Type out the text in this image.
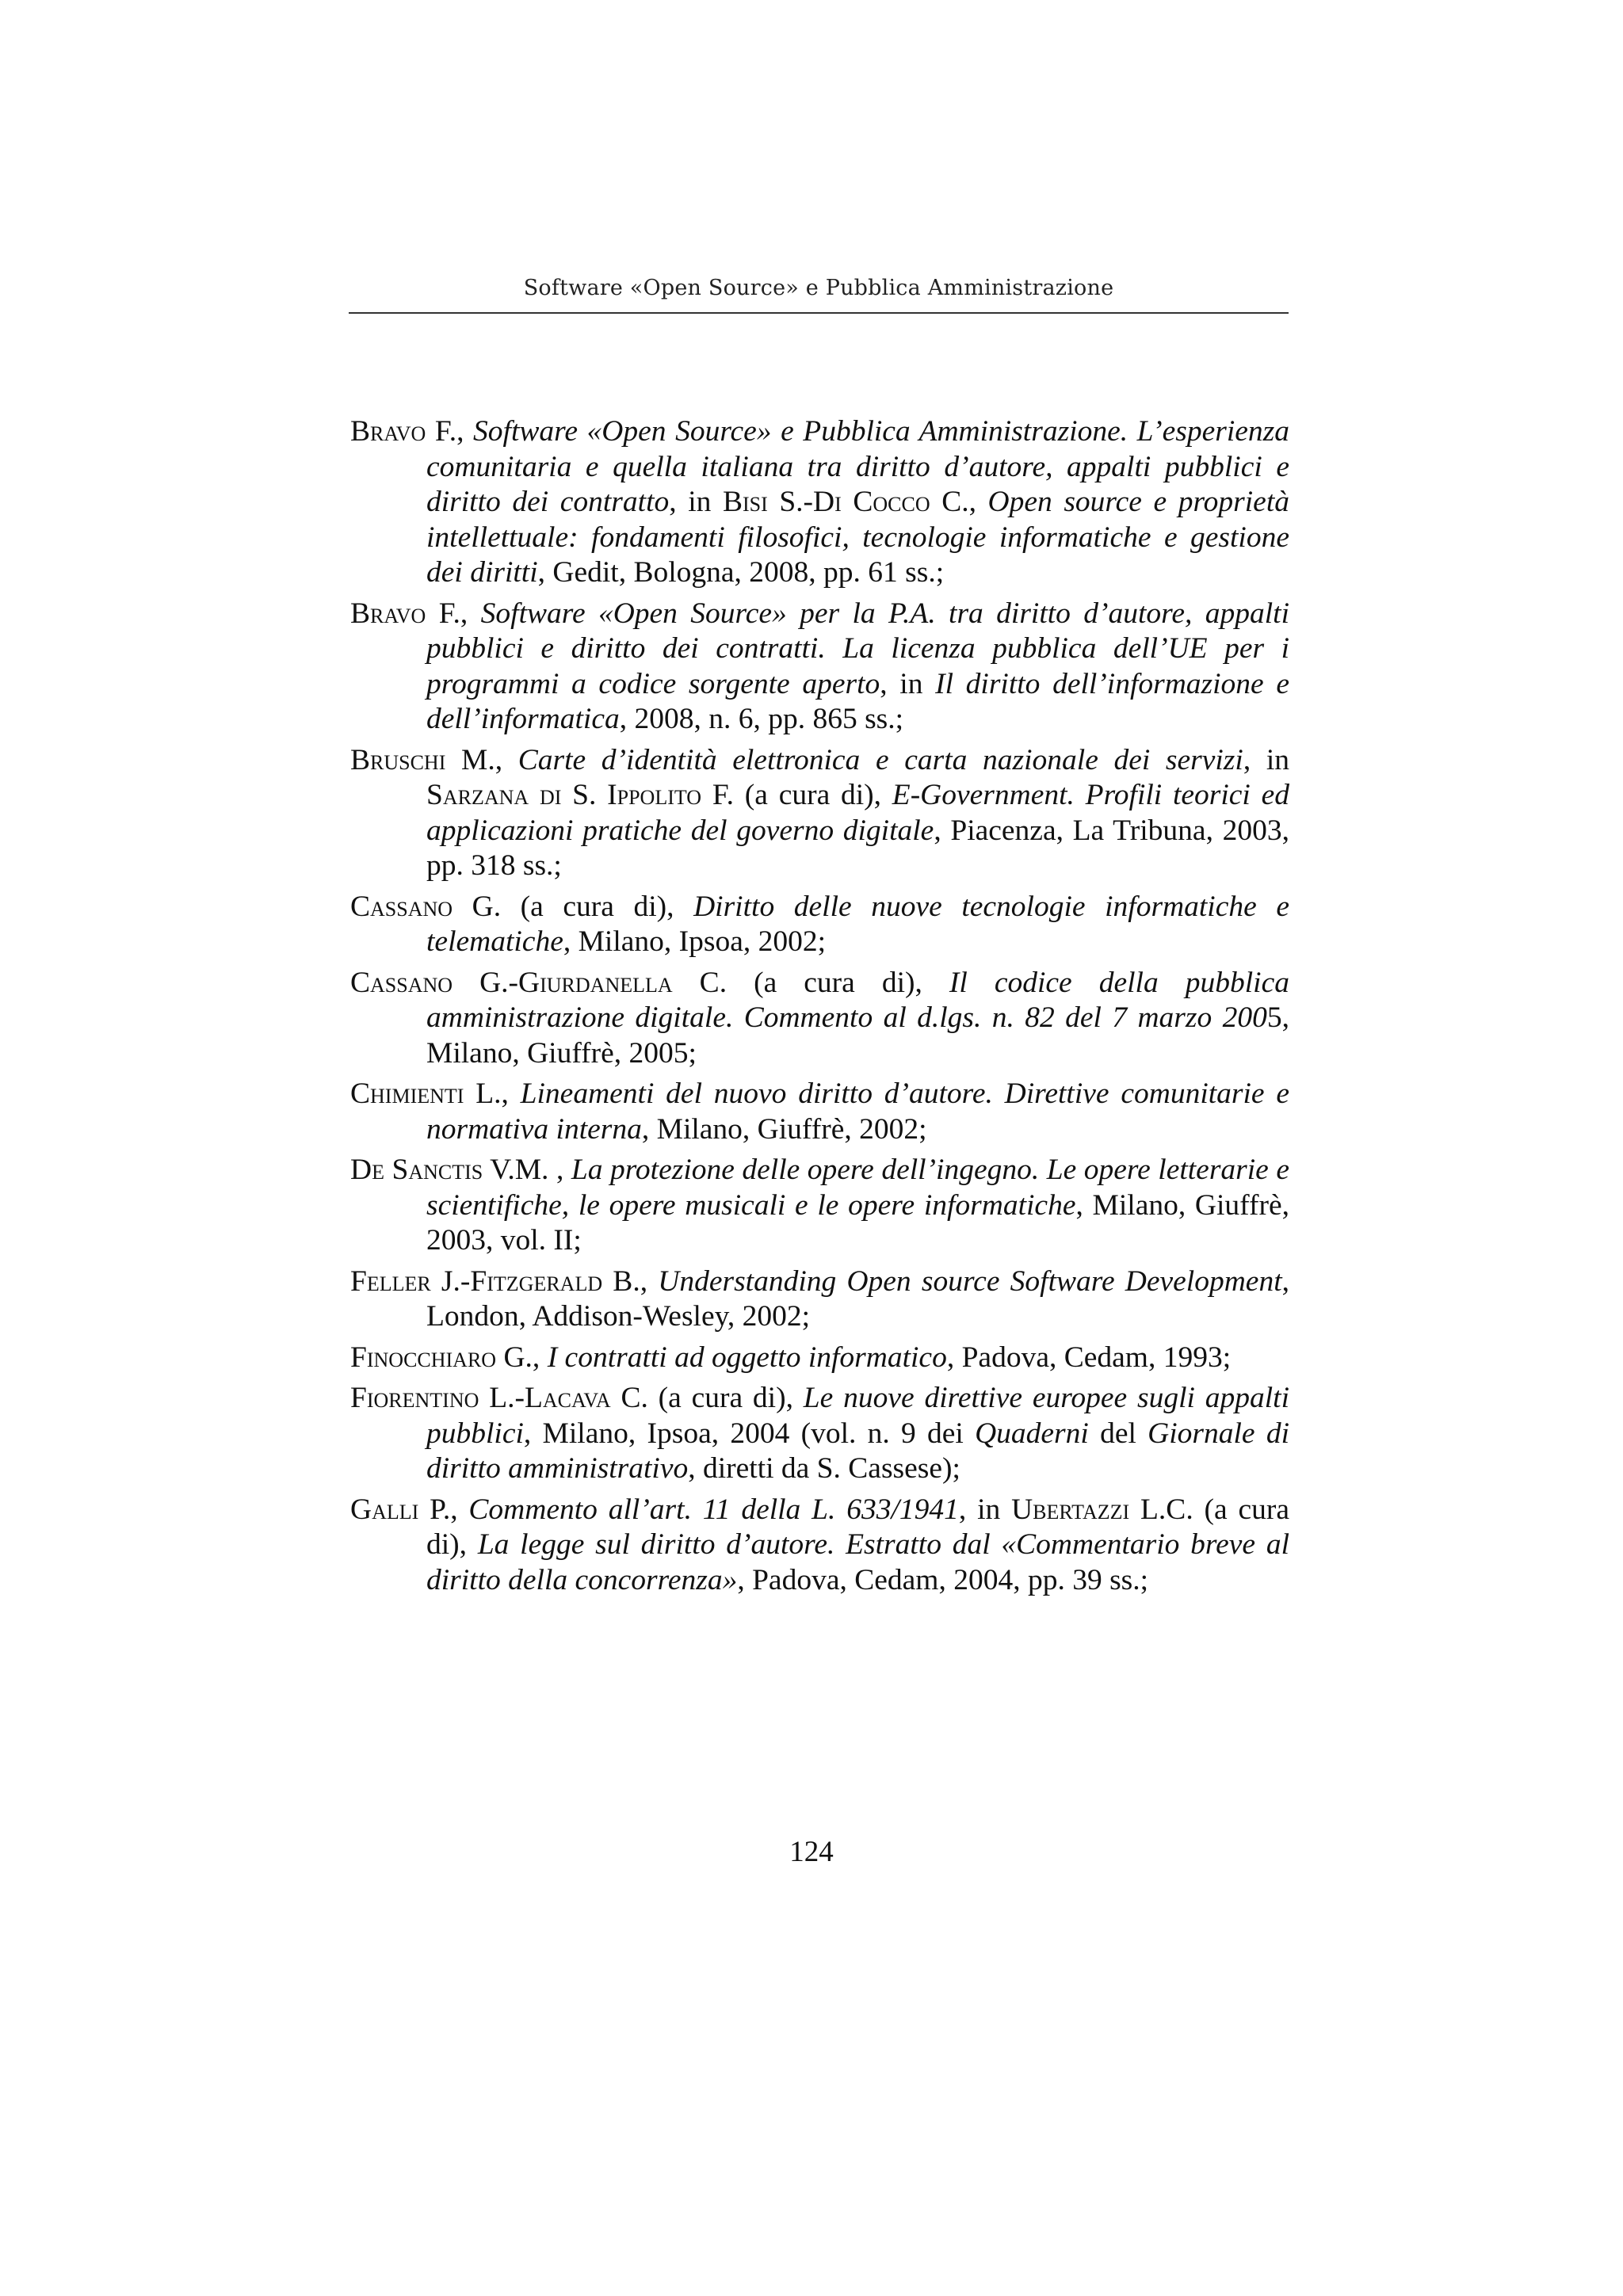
Software «Open Source» e Pubblica Amministrazione
Bravo F., Software «Open Source» e Pubblica Amministrazione. L’esperienza comunitaria e quella italiana tra diritto d’autore, appalti pubblici e diritto dei contratto, in Bisi S.-Di Cocco C., Open source e proprietà intellettuale: fondamenti filosofici, tecnologie informatiche e gestione dei diritti, Gedit, Bologna, 2008, pp. 61 ss.;
Bravo F., Software «Open Source» per la P.A. tra diritto d’autore, appalti pubblici e diritto dei contratti. La licenza pubblica dell’UE per i programmi a codice sorgente aperto, in Il diritto dell’informazione e dell’informatica, 2008, n. 6, pp. 865 ss.;
Bruschi M., Carte d’identità elettronica e carta nazionale dei servizi, in Sarzana di S. Ippolito F. (a cura di), E-Government. Profili teorici ed applicazioni pratiche del governo digitale, Piacenza, La Tribuna, 2003, pp. 318 ss.;
Cassano G. (a cura di), Diritto delle nuove tecnologie informatiche e telematiche, Milano, Ipsoa, 2002;
Cassano G.-Giurdanella C. (a cura di), Il codice della pubblica amministrazione digitale. Commento al d.lgs. n. 82 del 7 marzo 2005, Milano, Giuffrè, 2005;
Chimienti L., Lineamenti del nuovo diritto d’autore. Direttive comunitarie e normativa interna, Milano, Giuffrè, 2002;
De Sanctis V.M. , La protezione delle opere dell’ingegno. Le opere letterarie e scientifiche, le opere musicali e le opere informatiche, Milano, Giuffrè, 2003, vol. II;
Feller J.-Fitzgerald B., Understanding Open source Software Development, London, Addison-Wesley, 2002;
Finocchiaro G., I contratti ad oggetto informatico, Padova, Cedam, 1993;
Fiorentino L.-Lacava C. (a cura di), Le nuove direttive europee sugli appalti pubblici, Milano, Ipsoa, 2004 (vol. n. 9 dei Quaderni del Giornale di diritto amministrativo, diretti da S. Cassese);
Galli P., Commento all’art. 11 della L. 633/1941, in Ubertazzi L.C. (a cura di), La legge sul diritto d’autore. Estratto dal «Commentario breve al diritto della concorrenza», Padova, Cedam, 2004, pp. 39 ss.;
124
